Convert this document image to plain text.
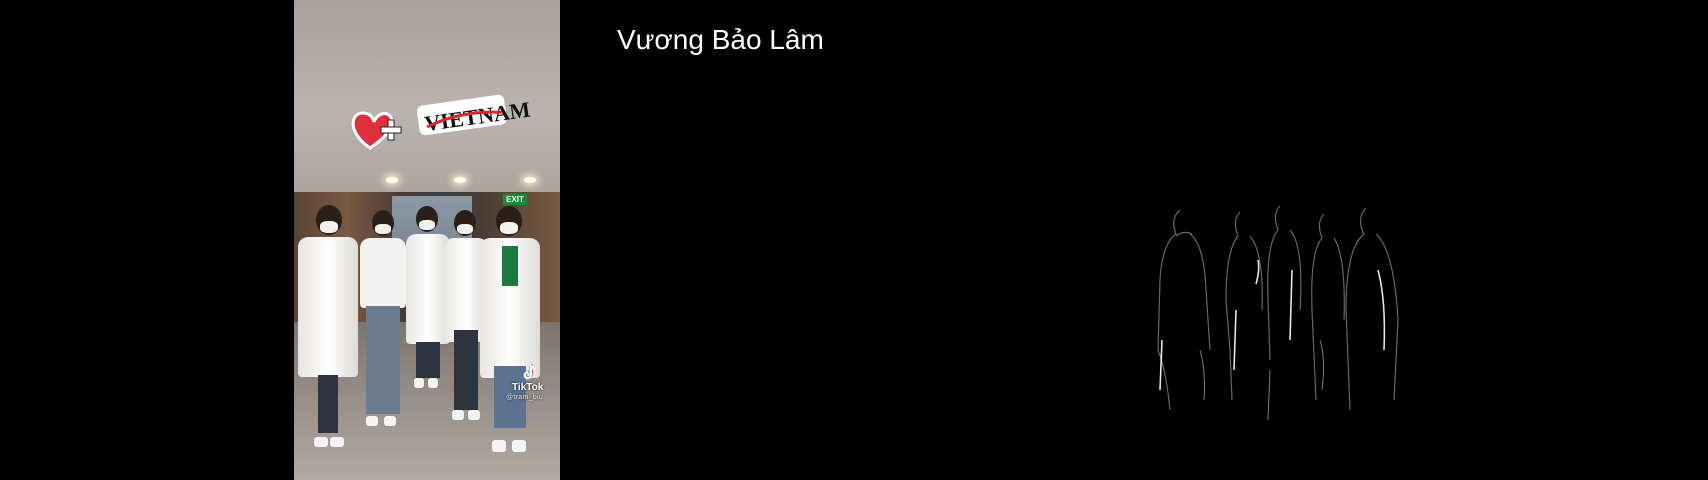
EXIT
VIETNAM
TikTok
@tram_biu
Vương Bảo Lâm
